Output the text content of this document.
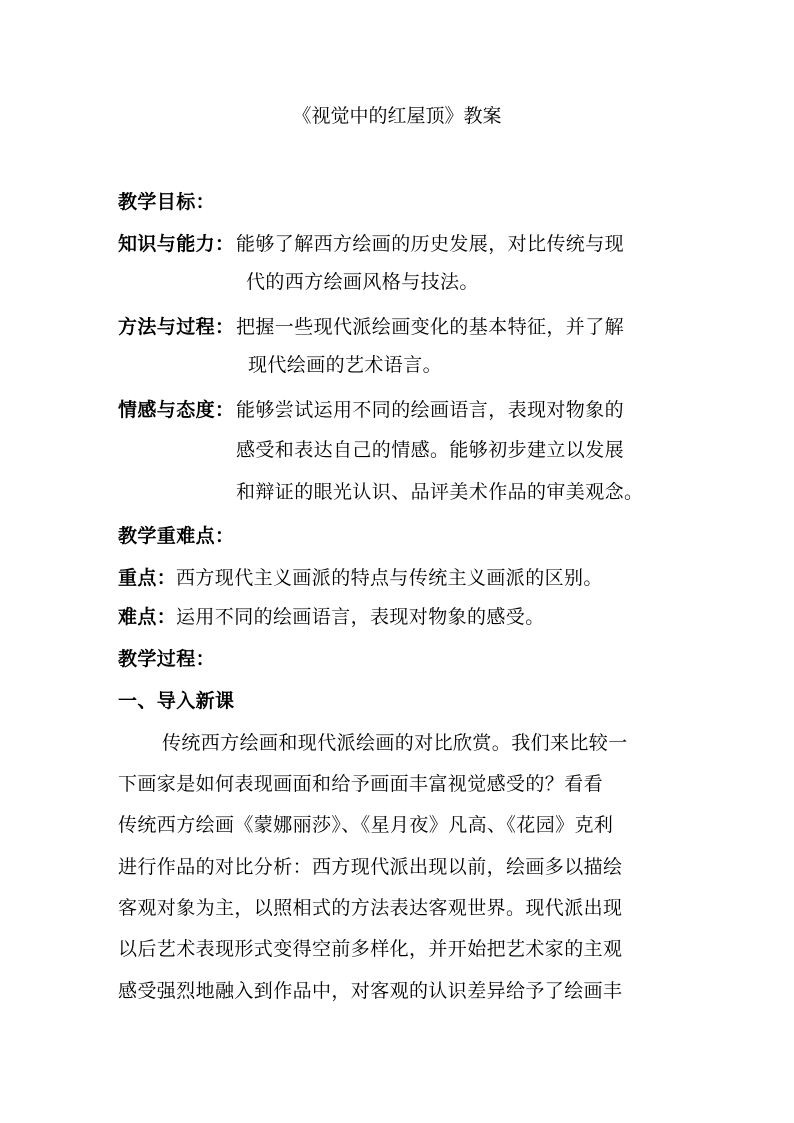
《视觉中的红屋顶》教案
教学目标：
知识与能力： 能够了解西方绘画的历史发展，对比传统与现
代的西方绘画风格与技法。
方法与过程： 把握一些现代派绘画变化的基本特征，并了解
现代绘画的艺术语言。
情感与态度： 能够尝试运用不同的绘画语言，表现对物象的
感受和表达自己的情感。能够初步建立以发展
和辩证的眼光认识、品评美术作品的审美观念。
教学重难点：
重点： 西方现代主义画派的特点与传统主义画派的区别。
难点： 运用不同的绘画语言，表现对物象的感受。
教学过程：
一、导入新课
传统西方绘画和现代派绘画的对比欣赏。我们来比较一
下画家是如何表现画面和给予画面丰富视觉感受的？看看
传统西方绘画《蒙娜丽莎》、《星月夜》凡高、《花园》克利
进行作品的对比分析：西方现代派出现以前，绘画多以描绘
客观对象为主，以照相式的方法表达客观世界。现代派出现
以后艺术表现形式变得空前多样化，并开始把艺术家的主观
感受强烈地融入到作品中，对客观的认识差异给予了绘画丰
